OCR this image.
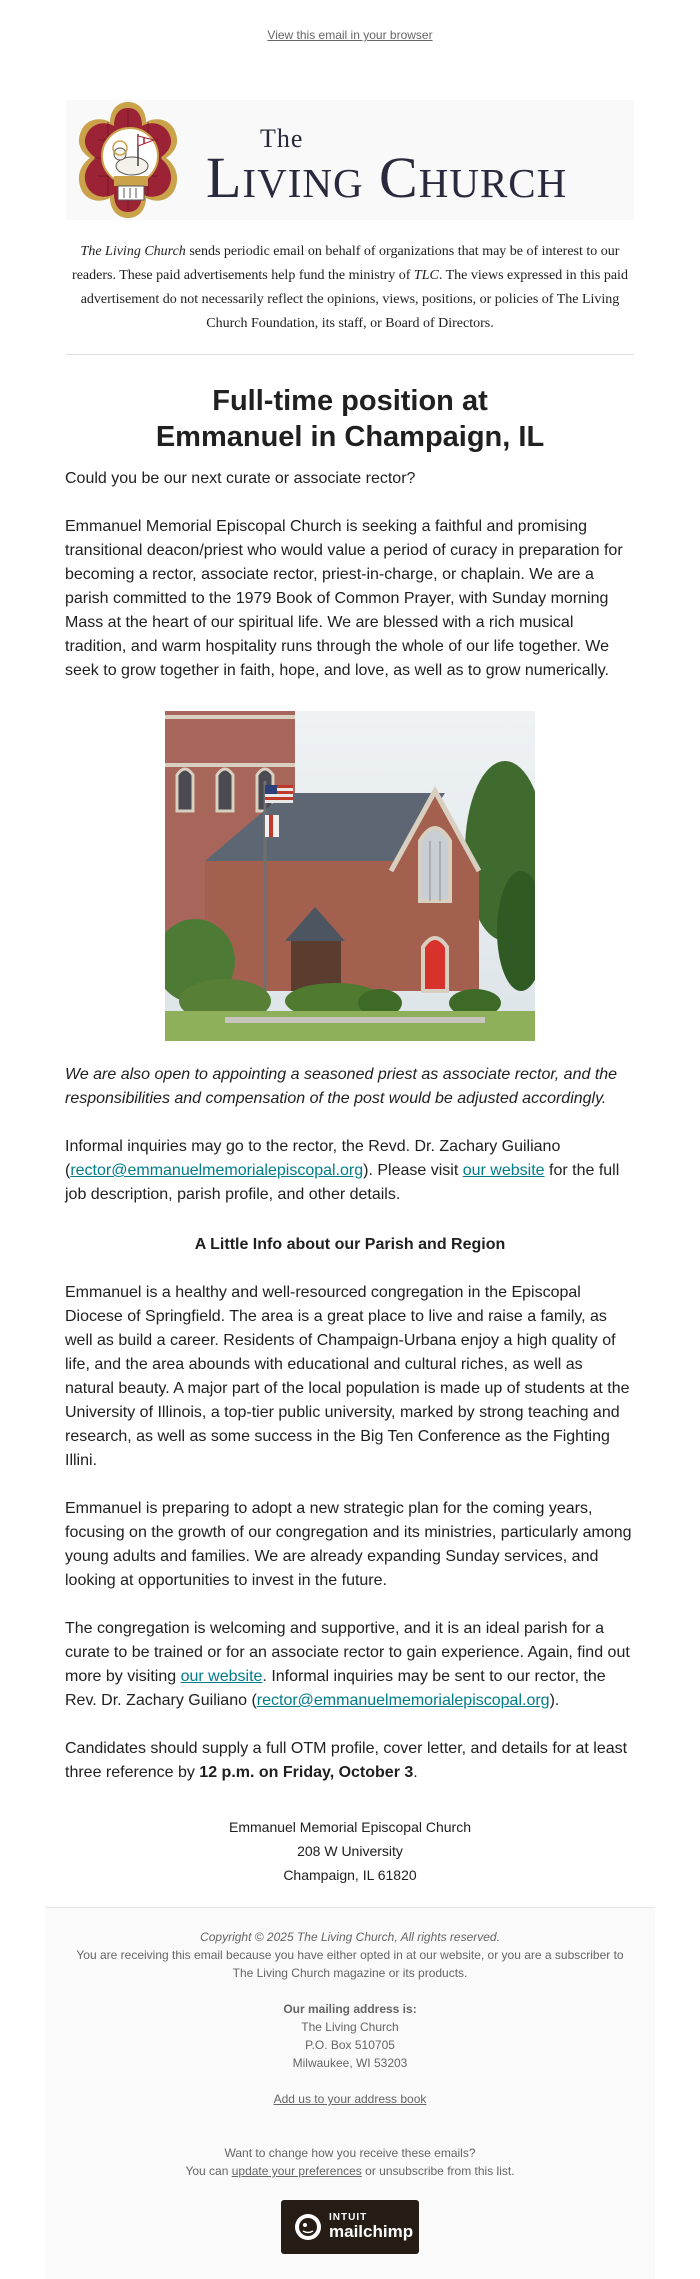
View this email in your browser
The
Living Church
The Living Church sends periodic email on behalf of organizations that may be of interest to our readers. These paid advertisements help fund the ministry of TLC. The views expressed in this paid advertisement do not necessarily reflect the opinions, views, positions, or policies of The Living Church Foundation, its staff, or Board of Directors.
Full-time position at
Emmanuel in Champaign, IL

Could you be our next curate or associate rector?

Emmanuel Memorial Episcopal Church is seeking a faithful and promising transitional deacon/priest who would value a period of curacy in preparation for becoming a rector, associate rector, priest-in-charge, or chaplain. We are a parish committed to the 1979 Book of Common Prayer, with Sunday morning Mass at the heart of our spiritual life. We are blessed with a rich musical tradition, and warm hospitality runs through the whole of our life together. We seek to grow together in faith, hope, and love, as well as to grow numerically.

We are also open to appointing a seasoned priest as associate rector, and the responsibilities and compensation of the post would be adjusted accordingly.

Informal inquiries may go to the rector, the Revd. Dr. Zachary Guiliano (rector@emmanuelmemorialepiscopal.org). Please visit our website for the full job description, parish profile, and other details.

A Little Info about our Parish and Region

Emmanuel is a healthy and well-resourced congregation in the Episcopal Diocese of Springfield. The area is a great place to live and raise a family, as well as build a career. Residents of Champaign-Urbana enjoy a high quality of life, and the area abounds with educational and cultural riches, as well as natural beauty. A major part of the local population is made up of students at the University of Illinois, a top-tier public university, marked by strong teaching and research, as well as some success in the Big Ten Conference as the Fighting Illini.

Emmanuel is preparing to adopt a new strategic plan for the coming years, focusing on the growth of our congregation and its ministries, particularly among young adults and families. We are already expanding Sunday services, and looking at opportunities to invest in the future.

The congregation is welcoming and supportive, and it is an ideal parish for a curate to be trained or for an associate rector to gain experience. Again, find out more by visiting our website. Informal inquiries may be sent to our rector, the Rev. Dr. Zachary Guiliano (rector@emmanuelmemorialepiscopal.org).

Candidates should supply a full OTM profile, cover letter, and details for at least three reference by 12 p.m. on Friday, October 3.

Emmanuel Memorial Episcopal Church
208 W University
Champaign, IL 61820
Copyright © 2025 The Living Church, All rights reserved.
You are receiving this email because you have either opted in at our website, or you are a subscriber to The Living Church magazine or its products.
Our mailing address is:
The Living Church
P.O. Box 510705
Milwaukee, WI 53203
Add us to your address book
Want to change how you receive these emails?
You can update your preferences or unsubscribe from this list.
INTUIT
mailchimp
